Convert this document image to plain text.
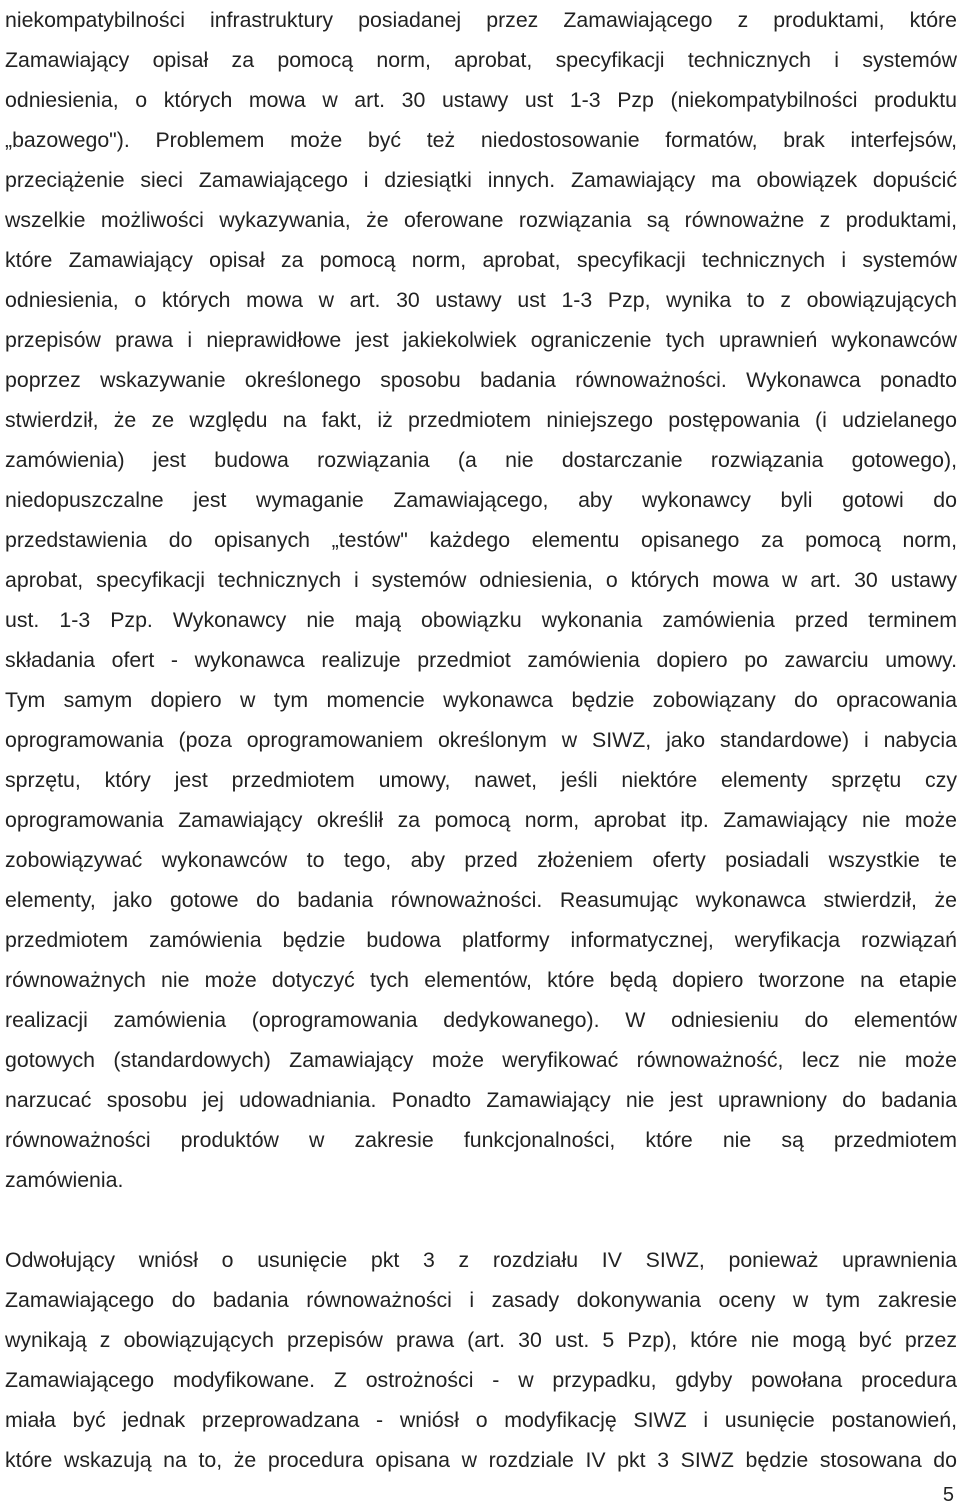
niekompatybilności infrastruktury posiadanej przez Zamawiającego z produktami, które
Zamawiający opisał za pomocą norm, aprobat, specyfikacji technicznych i systemów
odniesienia, o których mowa w art. 30 ustawy ust 1-3 Pzp (niekompatybilności produktu
„bazowego"). Problemem może być też niedostosowanie formatów, brak interfejsów,
przeciążenie sieci Zamawiającego i dziesiątki innych. Zamawiający ma obowiązek dopuścić
wszelkie możliwości wykazywania, że oferowane rozwiązania są równoważne z produktami,
które Zamawiający opisał za pomocą norm, aprobat, specyfikacji technicznych i systemów
odniesienia, o których mowa w art. 30 ustawy ust 1-3 Pzp, wynika to z obowiązujących
przepisów prawa i nieprawidłowe jest jakiekolwiek ograniczenie tych uprawnień wykonawców
poprzez wskazywanie określonego sposobu badania równoważności. Wykonawca ponadto
stwierdził, że ze względu na fakt, iż przedmiotem niniejszego postępowania (i udzielanego
zamówienia) jest budowa rozwiązania (a nie dostarczanie rozwiązania gotowego),
niedopuszczalne jest wymaganie Zamawiającego, aby wykonawcy byli gotowi do
przedstawienia do opisanych „testów" każdego elementu opisanego za pomocą norm,
aprobat, specyfikacji technicznych i systemów odniesienia, o których mowa w art. 30 ustawy
ust. 1-3 Pzp. Wykonawcy nie mają obowiązku wykonania zamówienia przed terminem
składania ofert - wykonawca realizuje przedmiot zamówienia dopiero po zawarciu umowy.
Tym samym dopiero w tym momencie wykonawca będzie zobowiązany do opracowania
oprogramowania (poza oprogramowaniem określonym w SIWZ, jako standardowe) i nabycia
sprzętu, który jest przedmiotem umowy, nawet, jeśli niektóre elementy sprzętu czy
oprogramowania Zamawiający określił za pomocą norm, aprobat itp. Zamawiający nie może
zobowiązywać wykonawców to tego, aby przed złożeniem oferty posiadali wszystkie te
elementy, jako gotowe do badania równoważności. Reasumując wykonawca stwierdził, że
przedmiotem zamówienia będzie budowa platformy informatycznej, weryfikacja rozwiązań
równoważnych nie może dotyczyć tych elementów, które będą dopiero tworzone na etapie
realizacji zamówienia (oprogramowania dedykowanego). W odniesieniu do elementów
gotowych (standardowych) Zamawiający może weryfikować równoważność, lecz nie może
narzucać sposobu jej udowadniania. Ponadto Zamawiający nie jest uprawniony do badania
równoważności produktów w zakresie funkcjonalności, które nie są przedmiotem
zamówienia.
Odwołujący wniósł o usunięcie pkt 3 z rozdziału IV SIWZ, ponieważ uprawnienia
Zamawiającego do badania równoważności i zasady dokonywania oceny w tym zakresie
wynikają z obowiązujących przepisów prawa (art. 30 ust. 5 Pzp), które nie mogą być przez
Zamawiającego modyfikowane. Z ostrożności - w przypadku, gdyby powołana procedura
miała być jednak przeprowadzana - wniósł o modyfikację SIWZ i usunięcie postanowień,
które wskazują na to, że procedura opisana w rozdziale IV pkt 3 SIWZ będzie stosowana do
5
